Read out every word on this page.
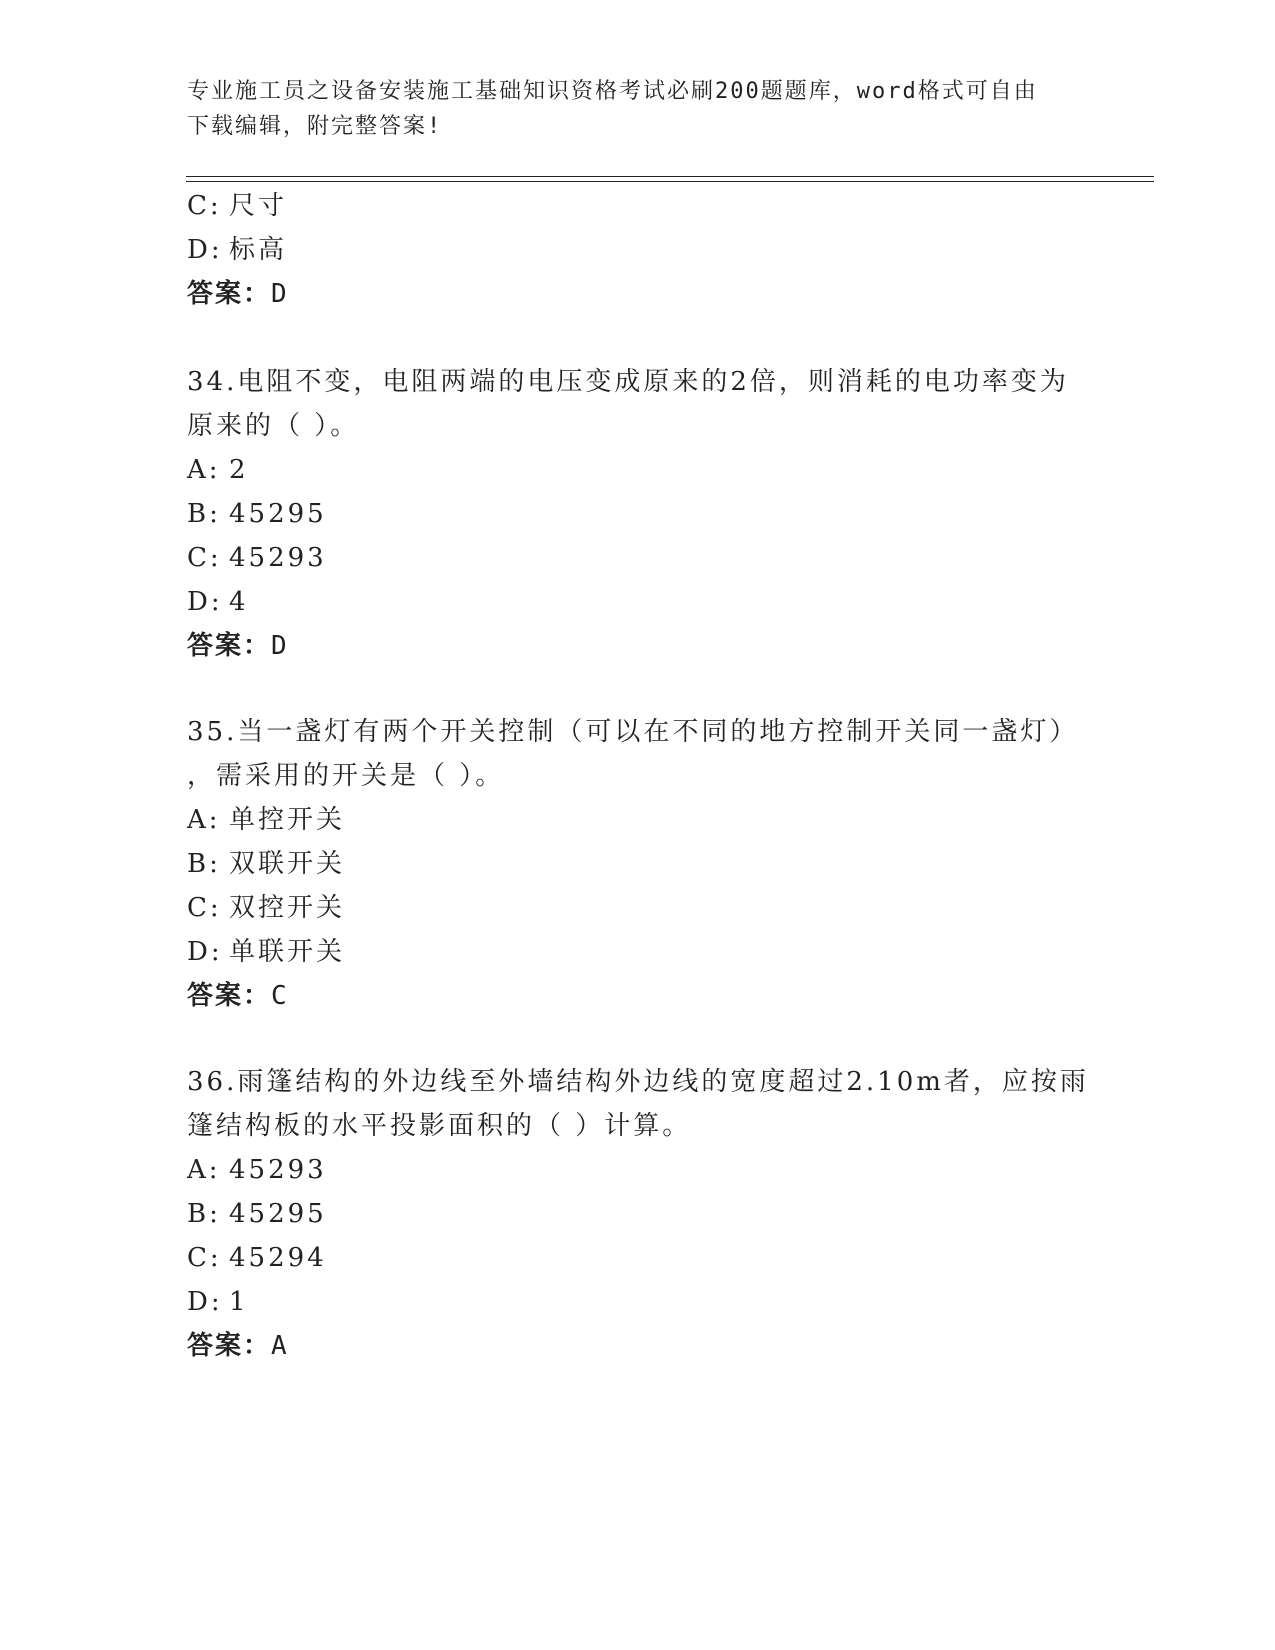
专业施工员之设备安装施工基础知识资格考试必刷200题题库，word格式可自由
下载编辑，附完整答案!
C: 尺寸
D: 标高
答案：D
34.电阻不变，电阻两端的电压变成原来的2倍，则消耗的电功率变为
原来的（ ）。
A: 2
B: 45295
C: 45293
D: 4
答案：D
35.当一盏灯有两个开关控制（可以在不同的地方控制开关同一盏灯）
，需采用的开关是（ ）。
A: 单控开关
B: 双联开关
C: 双控开关
D: 单联开关
答案：C
36.雨篷结构的外边线至外墙结构外边线的宽度超过2.10m者，应按雨
篷结构板的水平投影面积的（ ）计算。
A: 45293
B: 45295
C: 45294
D: 1
答案：A
